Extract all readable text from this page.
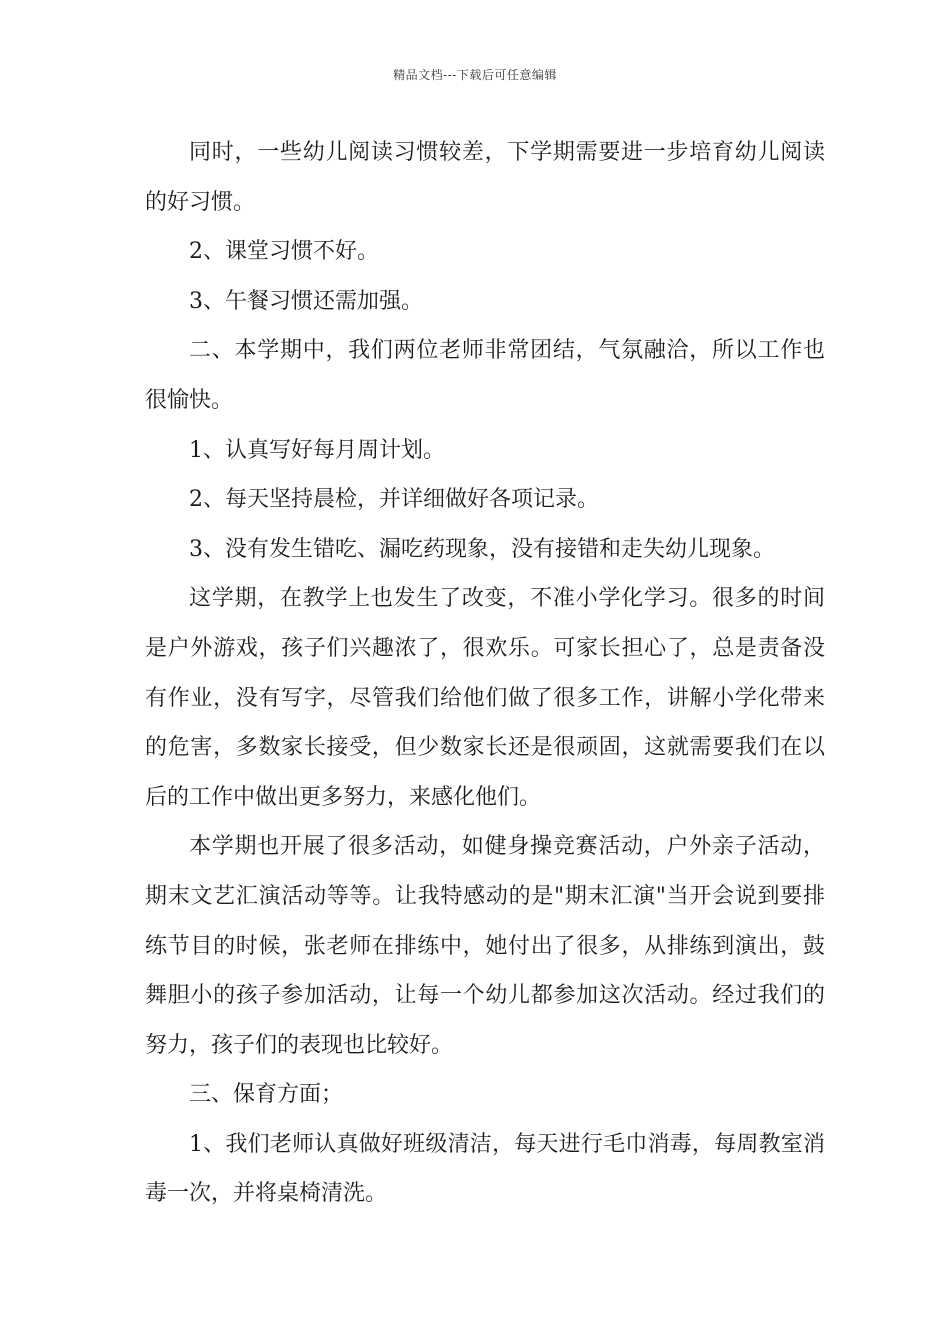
精品文档---下载后可任意编辑

同时，一些幼儿阅读习惯较差，下学期需要进一步培育幼儿阅读的好习惯。

2、课堂习惯不好。

3、午餐习惯还需加强。

二、本学期中，我们两位老师非常团结，气氛融洽，所以工作也很愉快。

1、认真写好每月周计划。

2、每天坚持晨检，并详细做好各项记录。

3、没有发生错吃、漏吃药现象，没有接错和走失幼儿现象。

这学期，在教学上也发生了改变，不准小学化学习。很多的时间是户外游戏，孩子们兴趣浓了，很欢乐。可家长担心了，总是责备没有作业，没有写字，尽管我们给他们做了很多工作，讲解小学化带来的危害，多数家长接受，但少数家长还是很顽固，这就需要我们在以后的工作中做出更多努力，来感化他们。

本学期也开展了很多活动，如健身操竞赛活动，户外亲子活动，期末文艺汇演活动等等。让我特感动的是"期末汇演"当开会说到要排练节目的时候，张老师在排练中，她付出了很多，从排练到演出，鼓舞胆小的孩子参加活动，让每一个幼儿都参加这次活动。经过我们的努力，孩子们的表现也比较好。

三、保育方面；

1、我们老师认真做好班级清洁，每天进行毛巾消毒，每周教室消毒一次，并将桌椅清洗。
